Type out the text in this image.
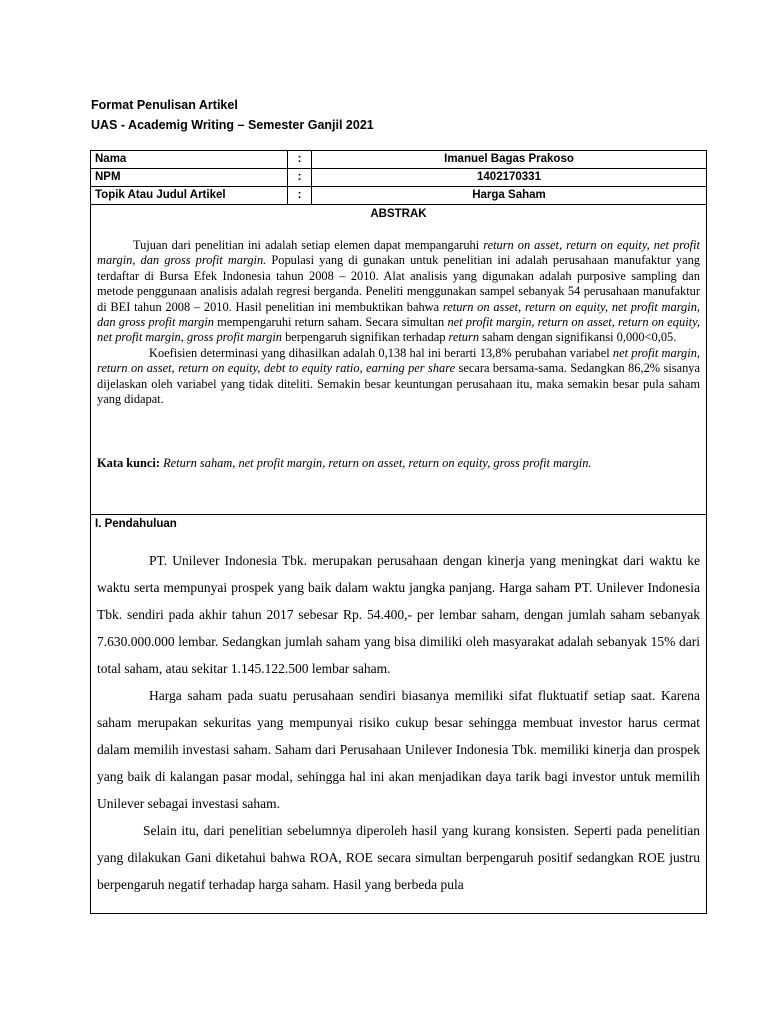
Format Penulisan Artikel
UAS - Academig Writing – Semester Ganjil 2021
Nama	:	Imanuel Bagas Prakoso
NPM	:	1402170331
Topik Atau Judul Artikel	:	Harga Saham

ABSTRAK

Tujuan dari penelitian ini adalah setiap elemen dapat mempangaruhi return on asset, return on equity, net profit margin, dan gross profit margin. Populasi yang di gunakan untuk penelitian ini adalah perusahaan manufaktur yang terdaftar di Bursa Efek Indonesia tahun 2008 – 2010. Alat analisis yang digunakan adalah purposive sampling dan metode penggunaan analisis adalah regresi berganda. Peneliti menggunakan sampel sebanyak 54 perusahaan manufaktur di BEI tahun 2008 – 2010. Hasil penelitian ini membuktikan bahwa return on asset, return on equity, net profit margin, dan gross profit margin mempengaruhi return saham. Secara simultan net profit margin, return on asset, return on equity, net profit margin, gross profit margin berpengaruh signifikan terhadap return saham dengan signifikansi 0,000<0,05.

Koefisien determinasi yang dihasilkan adalah 0,138 hal ini berarti 13,8% perubahan variabel net profit margin, return on asset, return on equity, debt to equity ratio, earning per share secara bersama-sama. Sedangkan 86,2% sisanya dijelaskan oleh variabel yang tidak diteliti. Semakin besar keuntungan perusahaan itu, maka semakin besar pula saham yang didapat.

Kata kunci: Return saham, net profit margin, return on asset, return on equity, gross profit margin.		

I. Pendahuluan

PT. Unilever Indonesia Tbk. merupakan perusahaan dengan kinerja yang meningkat dari waktu ke waktu serta mempunyai prospek yang baik dalam waktu jangka panjang. Harga saham PT. Unilever Indonesia Tbk. sendiri pada akhir tahun 2017 sebesar Rp. 54.400,- per lembar saham, dengan jumlah saham sebanyak 7.630.000.000 lembar. Sedangkan jumlah saham yang bisa dimiliki oleh masyarakat adalah sebanyak 15% dari total saham, atau sekitar 1.145.122.500 lembar saham.

Harga saham pada suatu perusahaan sendiri biasanya memiliki sifat fluktuatif setiap saat. Karena saham merupakan sekuritas yang mempunyai risiko cukup besar sehingga membuat investor harus cermat dalam memilih investasi saham. Saham dari Perusahaan Unilever Indonesia Tbk. memiliki kinerja dan prospek yang baik di kalangan pasar modal, sehingga hal ini akan menjadikan daya tarik bagi investor untuk memilih Unilever sebagai investasi saham.

Selain itu, dari penelitian sebelumnya diperoleh hasil yang kurang konsisten. Seperti pada penelitian yang dilakukan Gani diketahui bahwa ROA, ROE secara simultan berpengaruh positif sedangkan ROE justru berpengaruh negatif terhadap harga saham. Hasil yang berbeda pula		
